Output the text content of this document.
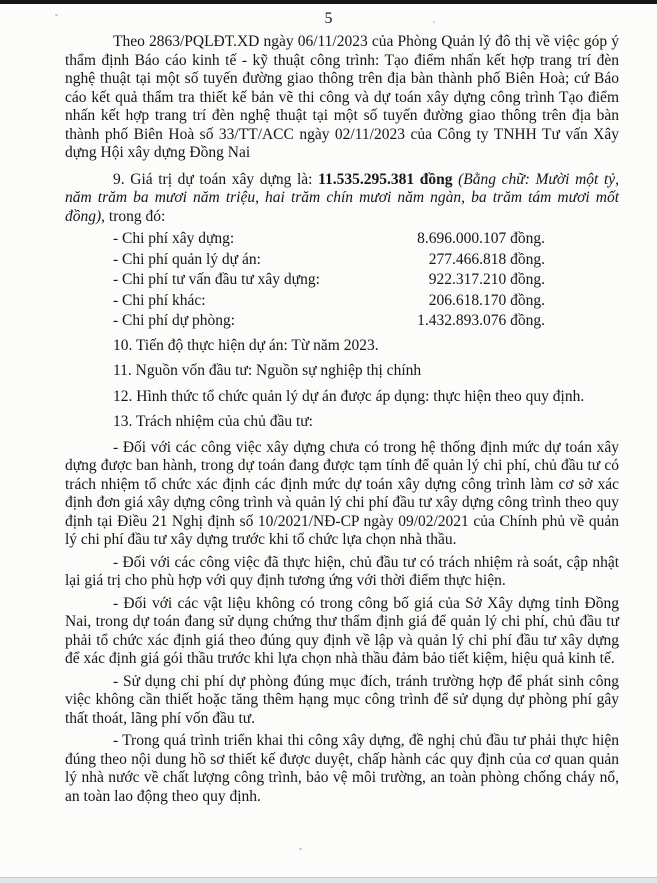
5

Theo 2863/PQLĐT.XD ngày 06/11/2023 của Phòng Quản lý đô thị về việc góp ý thẩm định Báo cáo kinh tế - kỹ thuật công trình: Tạo điểm nhấn kết hợp trang trí đèn nghệ thuật tại một số tuyến đường giao thông trên địa bàn thành phố Biên Hoà; cứ Báo cáo kết quả thẩm tra thiết kế bản vẽ thi công và dự toán xây dựng công trình Tạo điểm nhấn kết hợp trang trí đèn nghệ thuật tại một số tuyến đường giao thông trên địa bàn thành phố Biên Hoà số 33/TT/ACC ngày 02/11/2023 của Công ty TNHH Tư vấn Xây dựng Hội xây dựng Đồng Nai

9. Giá trị dự toán xây dựng là: 11.535.295.381 đồng (Bằng chữ: Mười một tỷ, năm trăm ba mươi năm triệu, hai trăm chín mươi năm ngàn, ba trăm tám mươi mốt đồng), trong đó:

- Chi phí xây dựng:	8.696.000.107 đồng.
- Chi phí quản lý dự án:	277.466.818 đồng.
- Chi phí tư vấn đầu tư xây dựng:	922.317.210 đồng.
- Chi phí khác:	206.618.170 đồng.
- Chi phí dự phòng:	1.432.893.076 đồng.

10. Tiến độ thực hiện dự án: Từ năm 2023.

11. Nguồn vốn đầu tư: Nguồn sự nghiệp thị chính

12. Hình thức tổ chức quản lý dự án được áp dụng: thực hiện theo quy định.

13. Trách nhiệm của chủ đầu tư:

- Đối với các công việc xây dựng chưa có trong hệ thống định mức dự toán xây dựng được ban hành, trong dự toán đang được tạm tính để quản lý chi phí, chủ đầu tư có trách nhiệm tổ chức xác định các định mức dự toán xây dựng công trình làm cơ sở xác định đơn giá xây dựng công trình và quản lý chi phí đầu tư xây dựng công trình theo quy định tại Điều 21 Nghị định số 10/2021/NĐ-CP ngày 09/02/2021 của Chính phủ về quản lý chi phí đầu tư xây dựng trước khi tổ chức lựa chọn nhà thầu.

- Đối với các công việc đã thực hiện, chủ đầu tư có trách nhiệm rà soát, cập nhật lại giá trị cho phù hợp với quy định tương ứng với thời điểm thực hiện.

- Đối với các vật liệu không có trong công bố giá của Sở Xây dựng tỉnh Đồng Nai, trong dự toán đang sử dụng chứng thư thẩm định giá để quản lý chi phí, chủ đầu tư phải tổ chức xác định giá theo đúng quy định về lập và quản lý chi phí đầu tư xây dựng để xác định giá gói thầu trước khi lựa chọn nhà thầu đảm bảo tiết kiệm, hiệu quả kinh tế.

- Sử dụng chi phí dự phòng đúng mục đích, tránh trường hợp để phát sinh công việc không cần thiết hoặc tăng thêm hạng mục công trình để sử dụng dự phòng phí gây thất thoát, lãng phí vốn đầu tư.

- Trong quá trình triển khai thi công xây dựng, đề nghị chủ đầu tư phải thực hiện đúng theo nội dung hồ sơ thiết kế được duyệt, chấp hành các quy định của cơ quan quản lý nhà nước về chất lượng công trình, bảo vệ môi trường, an toàn phòng chống cháy nổ, an toàn lao động theo quy định.
